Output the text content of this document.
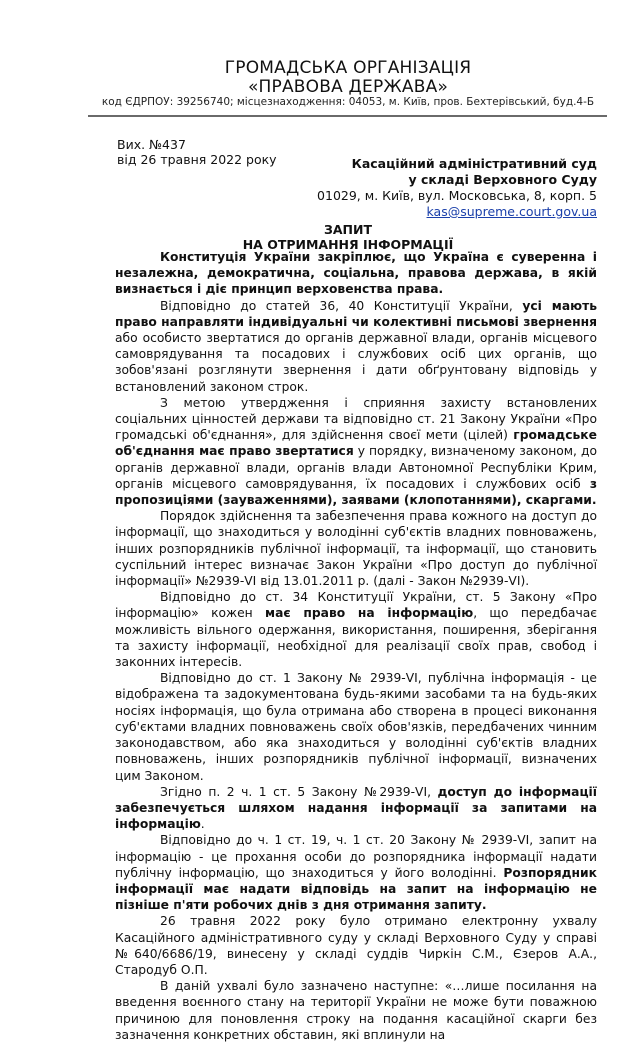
ГРОМАДСЬКА ОРГАНІЗАЦІЯ
«ПРАВОВА ДЕРЖАВА»
код ЄДРПОУ: 39256740; місцезнаходження: 04053, м. Київ, пров. Бехтерівський, буд.4-Б
Вих. №437
від 26 травня 2022 року	Касаційний адміністративний суд
у складі Верховного Суду
01029, м. Київ, вул. Московська, 8, корп. 5
kas@supreme.court.gov.ua
ЗАПИТ
НА ОТРИМАННЯ ІНФОРМАЦІЇ

Конституція України закріплює, що Україна є суверенна і незалежна, демократична, соціальна, правова держава, в якій визнається і діє принцип верховенства права.

Відповідно до статей 36, 40 Конституції України, усі мають право направляти індивідуальні чи колективні письмові звернення або особисто звертатися до органів державної влади, органів місцевого самоврядування та посадових і службових осіб цих органів, що зобов'язані розглянути звернення і дати обґрунтовану відповідь у встановлений законом строк.

З метою утвердження і сприяння захисту встановлених соціальних цінностей держави та відповідно ст. 21 Закону України «Про громадські об'єднання», для здійснення своєї мети (цілей) громадське об'єднання має право звертатися у порядку, визначеному законом, до органів державної влади, органів влади Автономної Республіки Крим, органів місцевого самоврядування, їх посадових і службових осіб з пропозиціями (зауваженнями), заявами (клопотаннями), скаргами.

Порядок здійснення та забезпечення права кожного на доступ до інформації, що знаходиться у володінні суб'єктів владних повноважень, інших розпорядників публічної інформації, та інформації, що становить суспільний інтерес визначає Закон України «Про доступ до публічної інформації» №2939-VI від 13.01.2011 р. (далі - Закон №2939-VI).

Відповідно до ст. 34 Конституції України, ст. 5 Закону «Про інформацію» кожен має право на інформацію, що передбачає можливість вільного одержання, використання, поширення, зберігання та захисту інформації, необхідної для реалізації своїх прав, свобод і законних інтересів.

Відповідно до ст. 1 Закону № 2939-VI, публічна інформація - це відображена та задокументована будь-якими засобами та на будь-яких носіях інформація, що була отримана або створена в процесі виконання суб'єктами владних повноважень своїх обов'язків, передбачених чинним законодавством, або яка знаходиться у володінні суб'єктів владних повноважень, інших розпорядників публічної інформації, визначених цим Законом.

Згідно п. 2 ч. 1 ст. 5 Закону №2939-VI, доступ до інформації забезпечується шляхом надання інформації за запитами на інформацію.

Відповідно до ч. 1 ст. 19, ч. 1 ст. 20 Закону № 2939-VI, запит на інформацію - це прохання особи до розпорядника інформації надати публічну інформацію, що знаходиться у його володінні. Розпорядник інформації має надати відповідь на запит на інформацію не пізніше п'яти робочих днів з дня отримання запиту.

26 травня 2022 року було отримано електронну ухвалу Касаційного адміністративного суду у складі Верховного Суду у справі №640/6686/19, винесену у складі суддів Чиркін С.М., Єзеров А.А., Стародуб О.П.

В даній ухвалі було зазначено наступне: «…лише посилання на введення воєнного стану на території України не може бути поважною причиною для поновлення строку на подання касаційної скарги без зазначення конкретних обставин, які вплинули на
